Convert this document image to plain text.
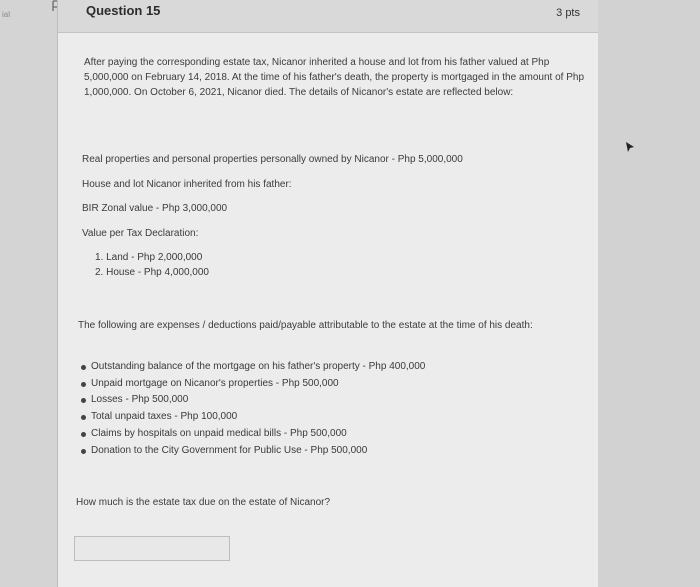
ial	Question 15	3 pts
After paying the corresponding estate tax, Nicanor inherited a house and lot from his father valued at Php 5,000,000 on February 14, 2018. At the time of his father's death, the property is mortgaged in the amount of Php 1,000,000. On October 6, 2021, Nicanor died. The details of Nicanor's estate are reflected below:
Real properties and personal properties personally owned by Nicanor - Php 5,000,000
House and lot Nicanor inherited from his father:
BIR Zonal value - Php 3,000,000
Value per Tax Declaration:
1. Land - Php 2,000,000
2. House - Php 4,000,000
The following are expenses / deductions paid/payable attributable to the estate at the time of his death:
Outstanding balance of the mortgage on his father's property - Php 400,000
Unpaid mortgage on Nicanor's properties - Php 500,000
Losses - Php 500,000
Total unpaid taxes - Php 100,000
Claims by hospitals on unpaid medical bills - Php 500,000
Donation to the City Government for Public Use - Php 500,000
How much is the estate tax due on the estate of Nicanor?
